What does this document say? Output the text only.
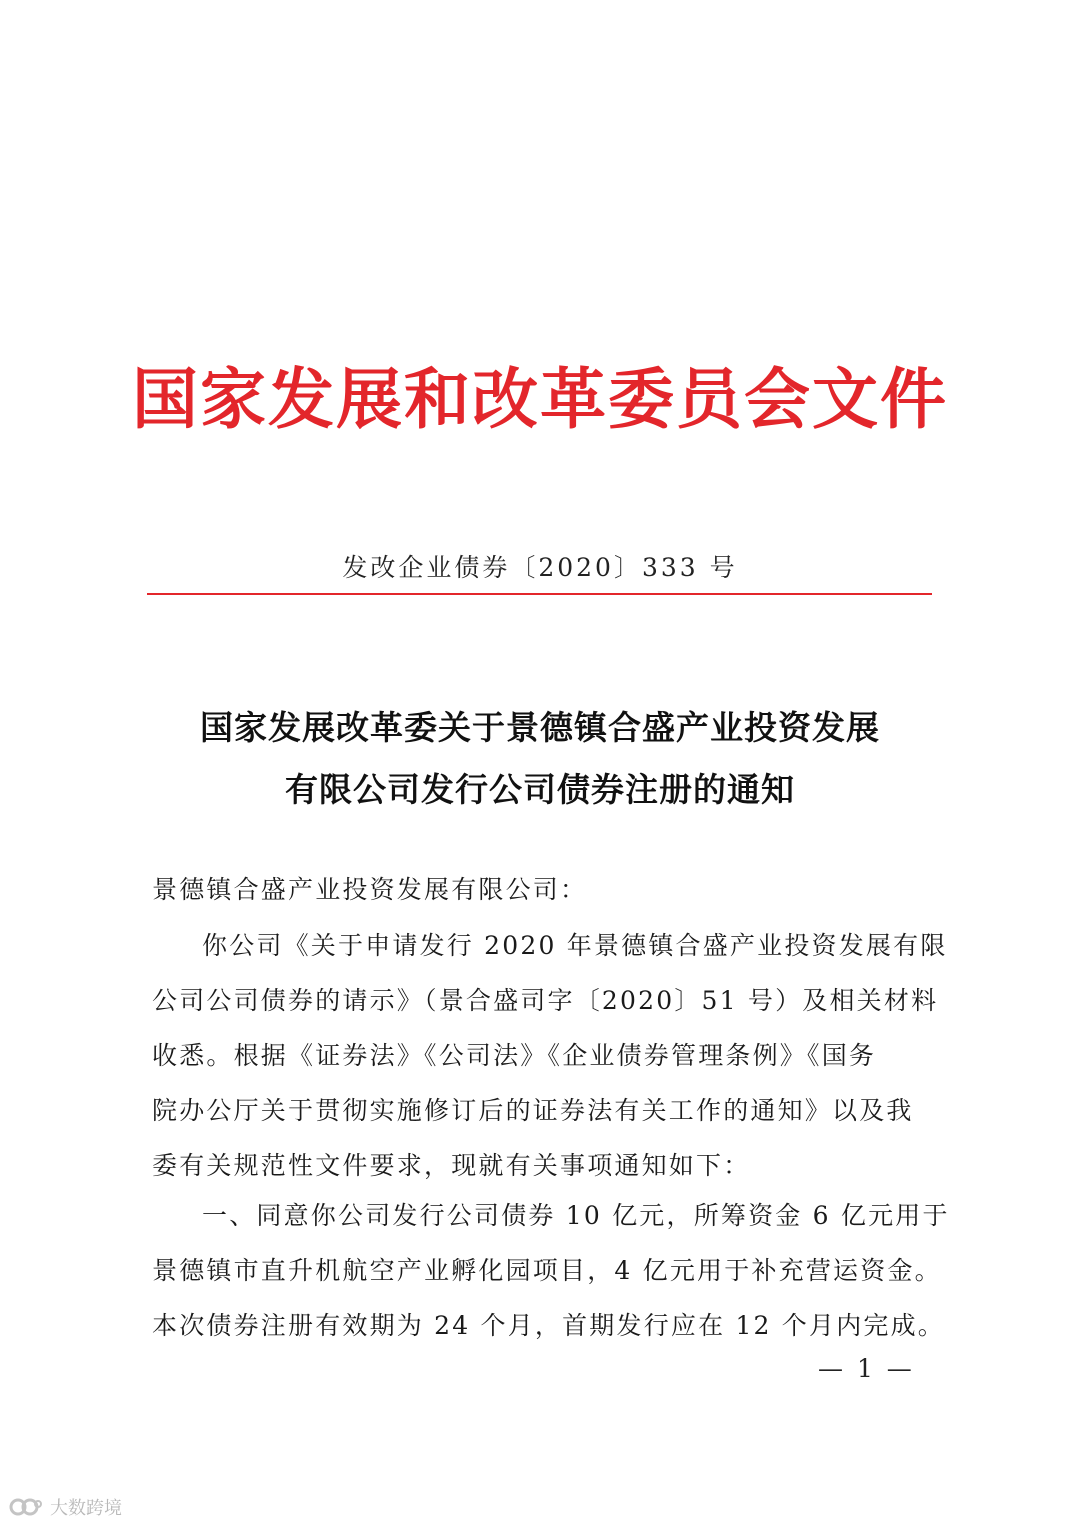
国家发展和改革委员会文件
发改企业债券〔2020〕333 号
国家发展改革委关于景德镇合盛产业投资发展
有限公司发行公司债券注册的通知
景德镇合盛产业投资发展有限公司：
你公司《关于申请发行 2020 年景德镇合盛产业投资发展有限
公司公司债券的请示》（景合盛司字〔2020〕51 号）及相关材料
收悉。根据《证券法》《公司法》《企业债券管理条例》《国务
院办公厅关于贯彻实施修订后的证券法有关工作的通知》以及我
委有关规范性文件要求，现就有关事项通知如下：
一、同意你公司发行公司债券 10 亿元，所筹资金 6 亿元用于
景德镇市直升机航空产业孵化园项目，4 亿元用于补充营运资金。
本次债券注册有效期为 24 个月，首期发行应在 12 个月内完成。
— 1 —
大数跨境
